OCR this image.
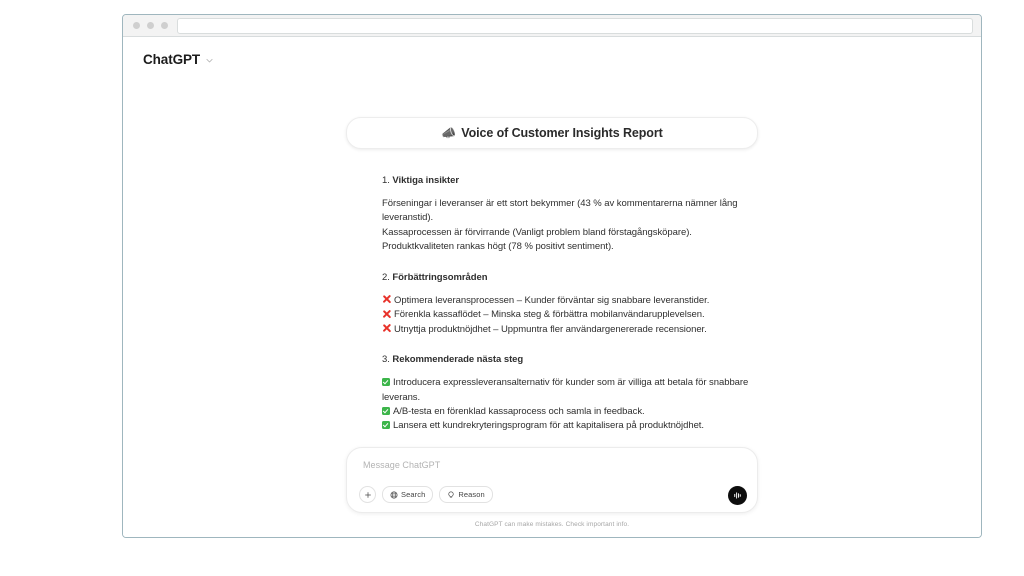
ChatGPT
📣 Voice of Customer Insights Report
1. Viktiga insikter
Förseningar i leveranser är ett stort bekymmer (43 % av kommentarerna nämner lång leveranstid).
Kassaprocessen är förvirrande (Vanligt problem bland förstagångsköpare).
Produktkvaliteten rankas högt (78 % positivt sentiment).
2. Förbättringsområden
Optimera leveransprocessen – Kunder förväntar sig snabbare leveranstider.
Förenkla kassaflödet – Minska steg & förbättra mobilanvändarupplevelsen.
Utnyttja produktnöjdhet – Uppmuntra fler användargenererade recensioner.
3. Rekommenderade nästa steg
Introducera expressleveransalternativ för kunder som är villiga att betala för snabbare leverans.
A/B-testa en förenklad kassaprocess och samla in feedback.
Lansera ett kundrekryteringsprogram för att kapitalisera på produktnöjdhet.
Message ChatGPT
Search	Reason
ChatGPT can make mistakes. Check important info.
